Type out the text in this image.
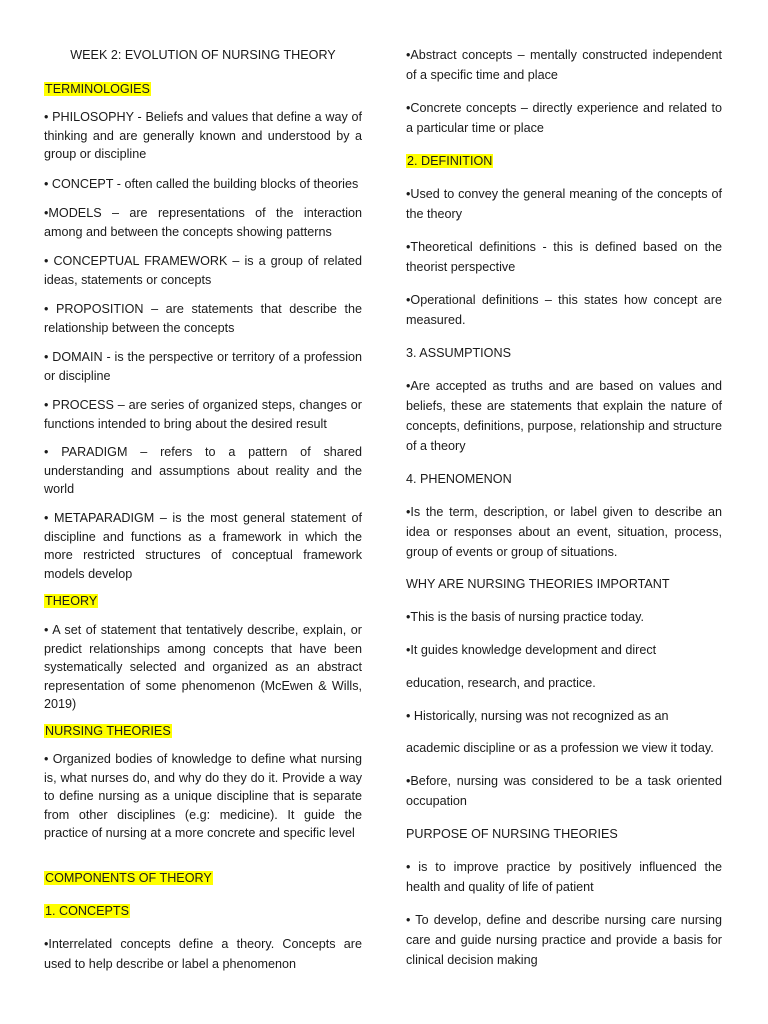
WEEK 2: EVOLUTION OF NURSING THEORY

TERMINOLOGIES

• PHILOSOPHY - Beliefs and values that define a way of thinking and are generally known and understood by a group or discipline

• CONCEPT - often called the building blocks of theories

•MODELS – are representations of the interaction among and between the concepts showing patterns

• CONCEPTUAL FRAMEWORK – is a group of related ideas, statements or concepts

• PROPOSITION – are statements that describe the relationship between the concepts

• DOMAIN - is the perspective or territory of a profession or discipline

• PROCESS – are series of organized steps, changes or functions intended to bring about the desired result

• PARADIGM – refers to a pattern of shared understanding and assumptions about reality and the world

• METAPARADIGM – is the most general statement of discipline and functions as a framework in which the more restricted structures of conceptual framework models develop

THEORY

• A set of statement that tentatively describe, explain, or predict relationships among concepts that have been systematically selected and organized as an abstract representation of some phenomenon (McEwen & Wills, 2019)

NURSING THEORIES

• Organized bodies of knowledge to define what nursing is, what nurses do, and why do they do it. Provide a way to define nursing as a unique discipline that is separate from other disciplines (e.g: medicine). It guide the practice of nursing at a more concrete and specific level

COMPONENTS OF THEORY

1. CONCEPTS

•Interrelated concepts define a theory. Concepts are used to help describe or label a phenomenon

•Abstract concepts – mentally constructed independent of a specific time and place

•Concrete concepts – directly experience and related to a particular time or place

2. DEFINITION

•Used to convey the general meaning of the concepts of the theory

•Theoretical definitions - this is defined based on the theorist perspective

•Operational definitions – this states how concept are measured.

3. ASSUMPTIONS

•Are accepted as truths and are based on values and beliefs, these are statements that explain the nature of concepts, definitions, purpose, relationship and structure of a theory

4. PHENOMENON

•Is the term, description, or label given to describe an idea or responses about an event, situation, process, group of events or group of situations.

WHY ARE NURSING THEORIES IMPORTANT

•This is the basis of nursing practice today.

•It guides knowledge development and direct

education, research, and practice.

• Historically, nursing was not recognized as an

academic discipline or as a profession we view it today.

•Before, nursing was considered to be a task oriented occupation

PURPOSE OF NURSING THEORIES

• is to improve practice by positively influenced the health and quality of life of patient

• To develop, define and describe nursing care nursing care and guide nursing practice and provide a basis for clinical decision making
